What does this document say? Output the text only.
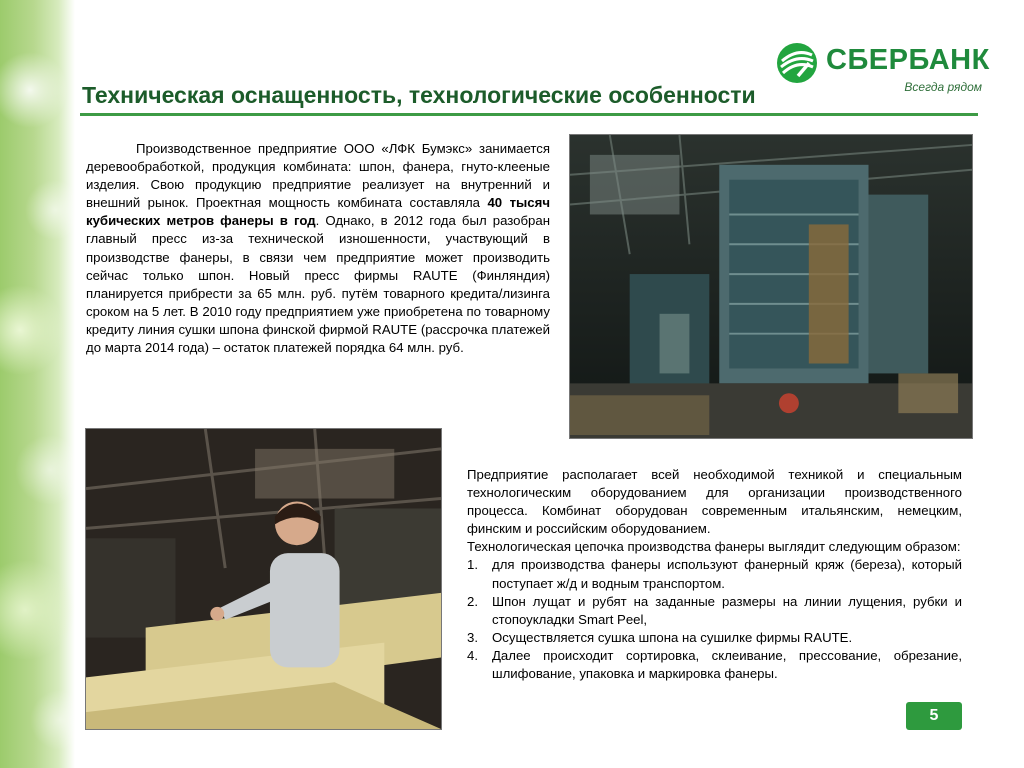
СБЕРБАНК
Всегда рядом
Техническая оснащенность, технологические особенности
Производственное предприятие ООО «ЛФК Бумэкс» занимается деревообработкой, продукция комбината: шпон, фанера, гнуто-клееные изделия. Свою продукцию предприятие реализует на внутренний и внешний рынок. Проектная мощность комбината составляла 40 тысяч кубических метров фанеры в год. Однако, в 2012 года был разобран главный пресс из-за технической изношенности, участвующий в производстве фанеры, в связи чем предприятие может производить сейчас только шпон. Новый пресс фирмы RAUTE (Финляндия) планируется прибрести за 65 млн. руб. путём товарного кредита/лизинга сроком на 5 лет. В 2010 году предприятием уже приобретена по товарному кредиту линия сушки шпона финской фирмой RAUTE (рассрочка платежей до марта 2014 года) – остаток платежей порядка 64 млн. руб.

Предприятие располагает всей необходимой техникой и специальным технологическим оборудованием для организации производственного процесса. Комбинат оборудован современным итальянским, немецким, финским и российским оборудованием.

Технологическая цепочка производства фанеры выглядит следующим образом:

1. для производства фанеры используют фанерный кряж (береза), который поступает ж/д и водным транспортом.
2. Шпон лущат и рубят на заданные размеры на линии лущения, рубки и стопоукладки Smart Peel,
3. Осуществляется сушка шпона на сушилке фирмы RAUTE.
4. Далее происходит сортировка, склеивание, прессование, обрезание, шлифование, упаковка и маркировка фанеры.
5
